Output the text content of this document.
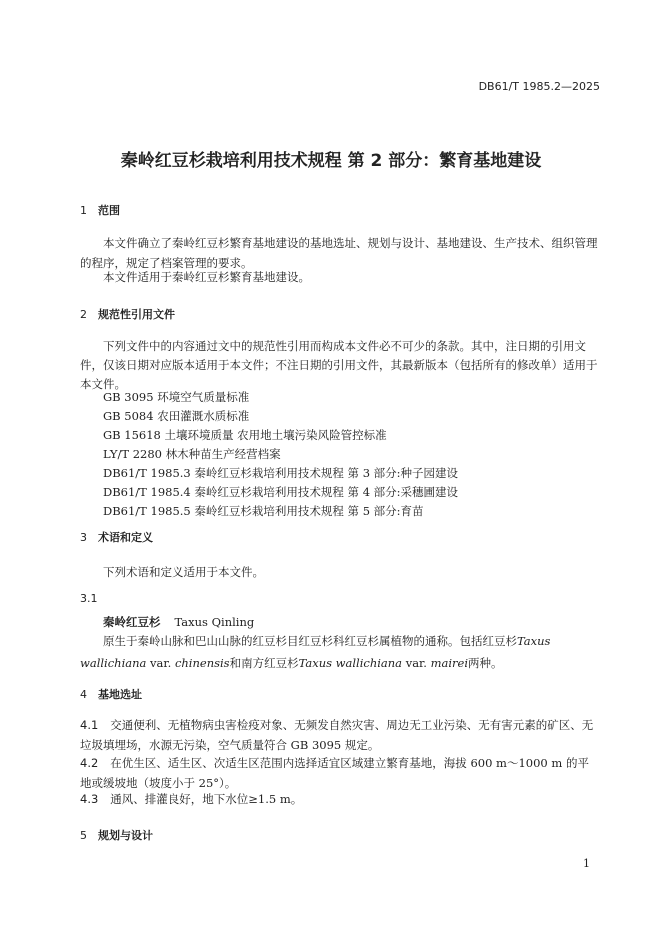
DB61/T 1985.2—2025
秦岭红豆杉栽培利用技术规程 第 2 部分：繁育基地建设
1 范围
本文件确立了秦岭红豆杉繁育基地建设的基地选址、规划与设计、基地建设、生产技术、组织管理的程序，规定了档案管理的要求。
本文件适用于秦岭红豆杉繁育基地建设。
2 规范性引用文件
下列文件中的内容通过文中的规范性引用而构成本文件必不可少的条款。其中，注日期的引用文件，仅该日期对应版本适用于本文件；不注日期的引用文件，其最新版本（包括所有的修改单）适用于本文件。
GB 3095 环境空气质量标准
GB 5084 农田灌溉水质标准
GB 15618 土壤环境质量 农用地土壤污染风险管控标准
LY/T 2280 林木种苗生产经营档案
DB61/T 1985.3 秦岭红豆杉栽培利用技术规程 第 3 部分:种子园建设
DB61/T 1985.4 秦岭红豆杉栽培利用技术规程 第 4 部分:采穗圃建设
DB61/T 1985.5 秦岭红豆杉栽培利用技术规程 第 5 部分:育苗
3 术语和定义
下列术语和定义适用于本文件。
3.1
秦岭红豆杉 Taxus Qinling
原生于秦岭山脉和巴山山脉的红豆杉目红豆杉科红豆杉属植物的通称。包括红豆杉Taxus wallichiana var. chinensis和南方红豆杉Taxus wallichiana var. mairei两种。
4 基地选址
4.1 交通便利、无植物病虫害检疫对象、无频发自然灾害、周边无工业污染、无有害元素的矿区、无垃圾填埋场，水源无污染，空气质量符合 GB 3095 规定。
4.2 在优生区、适生区、次适生区范围内选择适宜区域建立繁育基地，海拔 600 m～1000 m 的平地或缓坡地（坡度小于 25°）。
4.3 通风、排灌良好，地下水位≥1.5 m。
5 规划与设计
1
